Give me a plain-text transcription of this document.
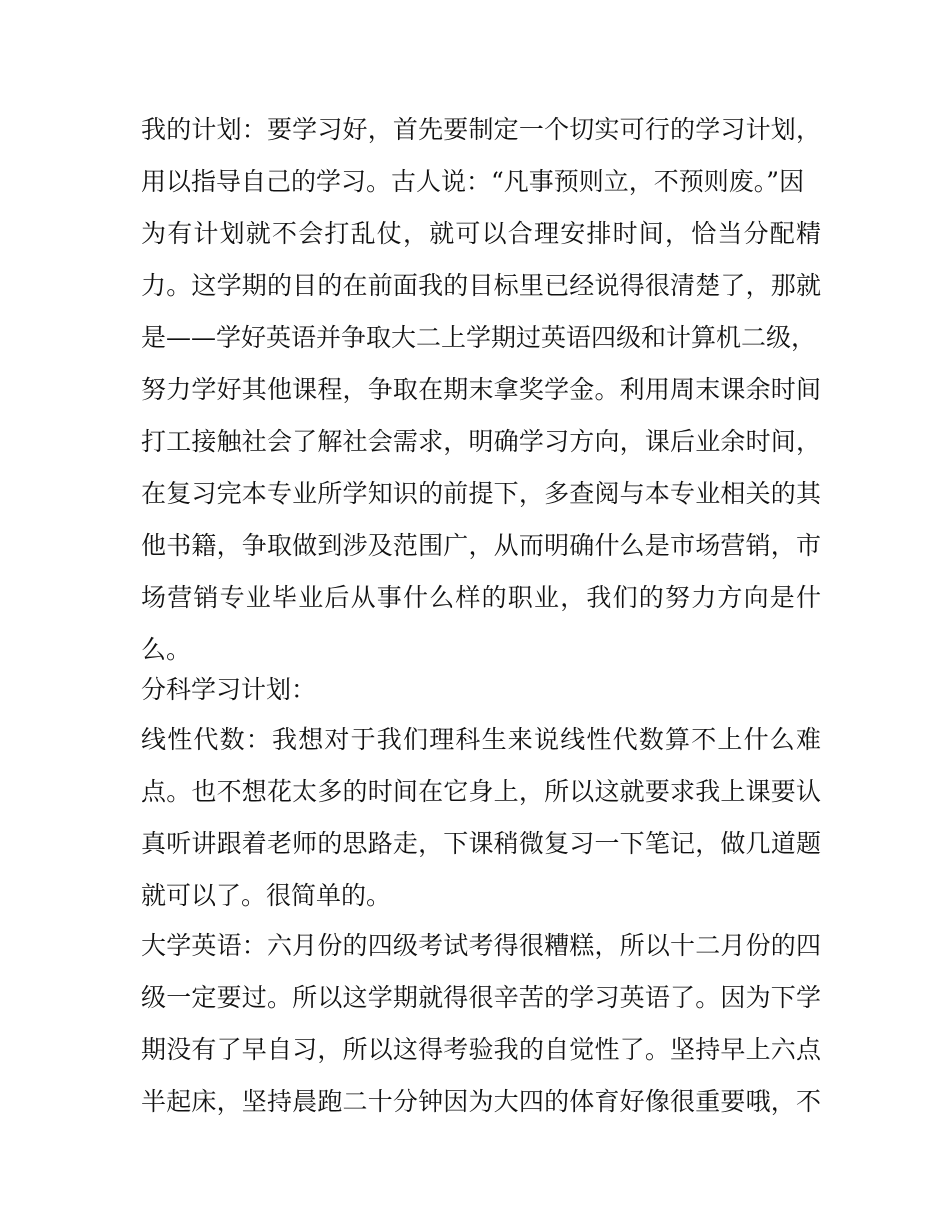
我的计划：要学习好，首先要制定一个切实可行的学习计划，
用以指导自己的学习。古人说：“凡事预则立，不预则废。”因
为有计划就不会打乱仗，就可以合理安排时间，恰当分配精
力。这学期的目的在前面我的目标里已经说得很清楚了，那就
是——学好英语并争取大二上学期过英语四级和计算机二级，
努力学好其他课程，争取在期末拿奖学金。利用周末课余时间
打工接触社会了解社会需求，明确学习方向，课后业余时间，
在复习完本专业所学知识的前提下，多查阅与本专业相关的其
他书籍，争取做到涉及范围广，从而明确什么是市场营销，市
场营销专业毕业后从事什么样的职业，我们的努力方向是什
么。
分科学习计划：
线性代数：我想对于我们理科生来说线性代数算不上什么难
点。也不想花太多的时间在它身上，所以这就要求我上课要认
真听讲跟着老师的思路走，下课稍微复习一下笔记，做几道题
就可以了。很简单的。
大学英语：六月份的四级考试考得很糟糕，所以十二月份的四
级一定要过。所以这学期就得很辛苦的学习英语了。因为下学
期没有了早自习，所以这得考验我的自觉性了。坚持早上六点
半起床，坚持晨跑二十分钟因为大四的体育好像很重要哦，不
